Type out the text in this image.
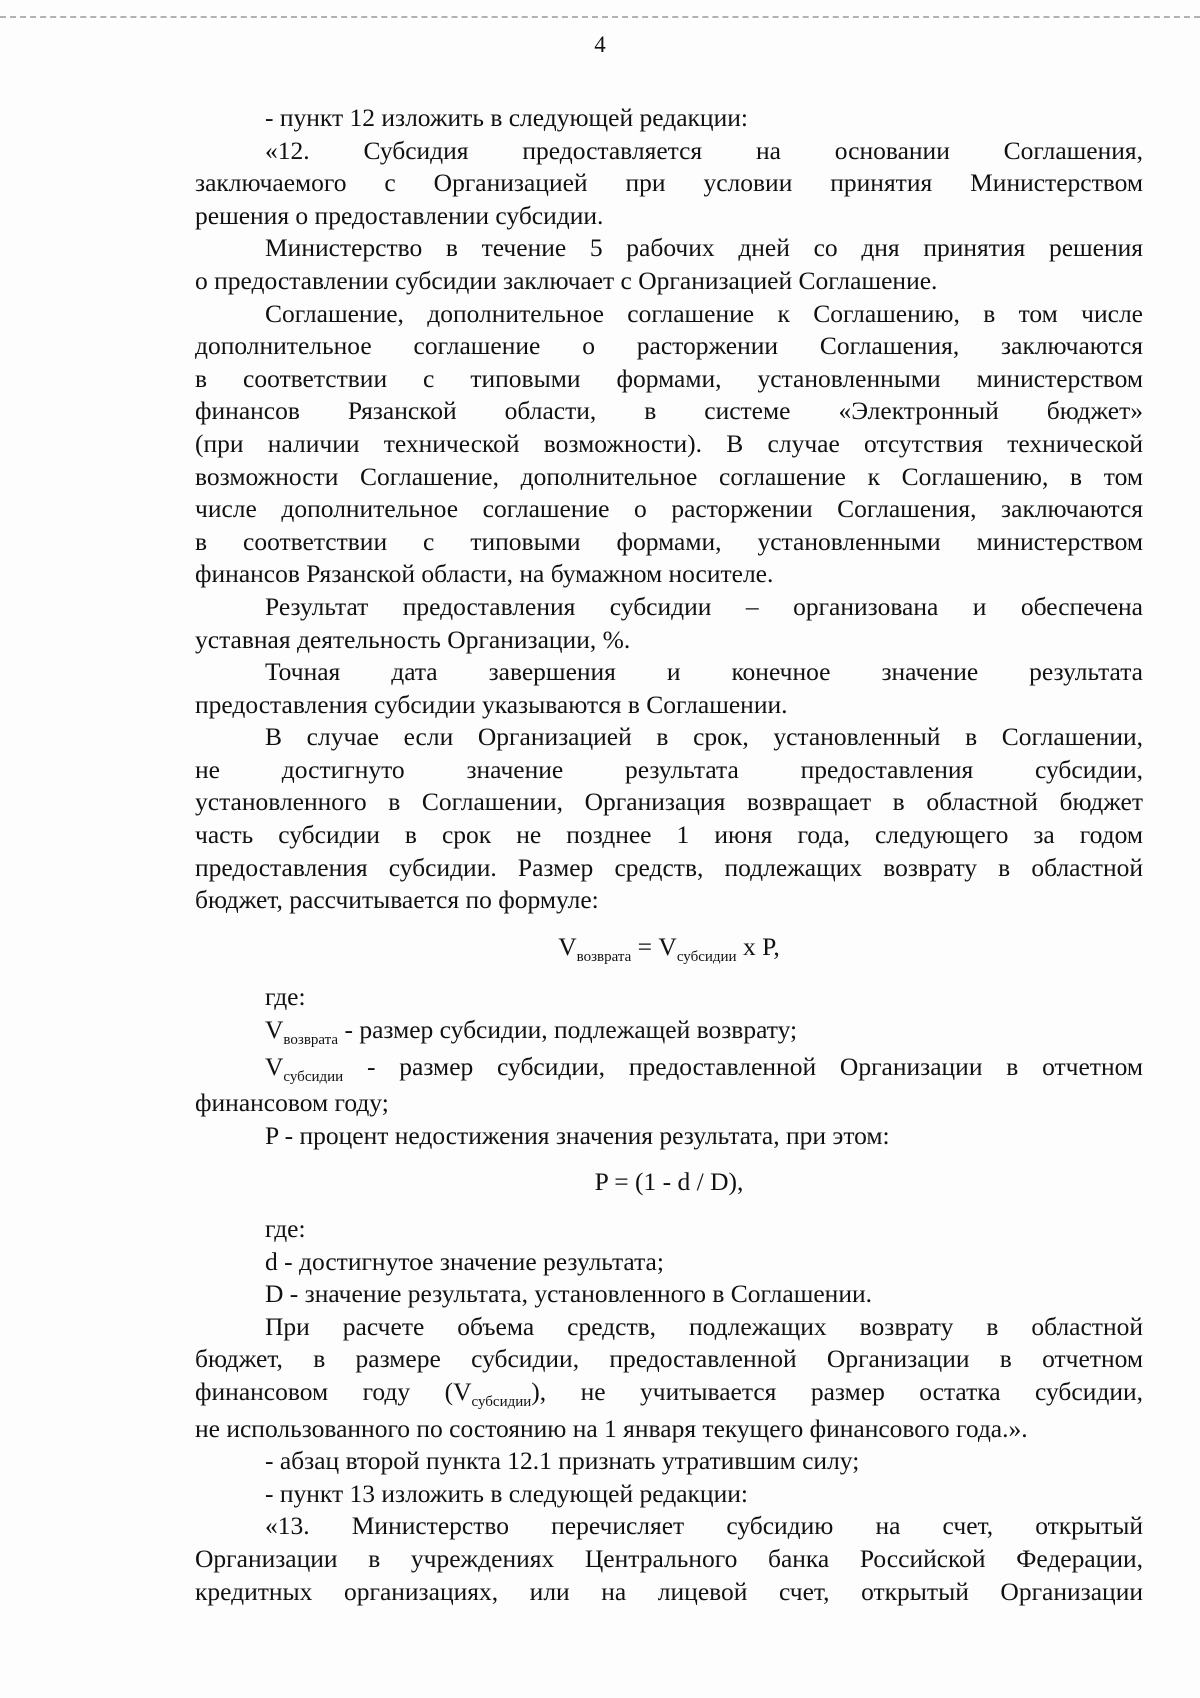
4

- пункт 12 изложить в следующей редакции:

«12. Субсидия предоставляется на основании Соглашения,

заключаемого с Организацией при условии принятия Министерством

решения о предоставлении субсидии.

Министерство в течение 5 рабочих дней со дня принятия решения

о предоставлении субсидии заключает с Организацией Соглашение.

Соглашение, дополнительное соглашение к Соглашению, в том числе

дополнительное соглашение о расторжении Соглашения, заключаются

в соответствии с типовыми формами, установленными министерством

финансов Рязанской области, в системе «Электронный бюджет»

(при наличии технической возможности). В случае отсутствия технической

возможности Соглашение, дополнительное соглашение к Соглашению, в том

числе дополнительное соглашение о расторжении Соглашения, заключаются

в соответствии с типовыми формами, установленными министерством

финансов Рязанской области, на бумажном носителе.

Результат предоставления субсидии – организована и обеспечена

уставная деятельность Организации, %.

Точная дата завершения и конечное значение результата

предоставления субсидии указываются в Соглашении.

В случае если Организацией в срок, установленный в Соглашении,

не достигнуто значение результата предоставления субсидии,

установленного в Соглашении, Организация возвращает в областной бюджет

часть субсидии в срок не позднее 1 июня года, следующего за годом

предоставления субсидии. Размер средств, подлежащих возврату в областной

бюджет, рассчитывается по формуле:

$V_{возврата} = V_{субсидии}$ x P,

где:

$V_{возврата}$ - размер субсидии, подлежащей возврату;

$V_{субсидии}$ - размер субсидии, предоставленной Организации в отчетном

финансовом году;

P - процент недостижения значения результата, при этом:

P = (1 - d / D),

где:

d - достигнутое значение результата;

D - значение результата, установленного в Соглашении.

При расчете объема средств, подлежащих возврату в областной

бюджет, в размере субсидии, предоставленной Организации в отчетном

финансовом году $(V_{субсидии})$, не учитывается размер остатка субсидии,

не использованного по состоянию на 1 января текущего финансового года.».

- абзац второй пункта 12.1 признать утратившим силу;

- пункт 13 изложить в следующей редакции:

«13. Министерство перечисляет субсидию на счет, открытый

Организации в учреждениях Центрального банка Российской Федерации,

кредитных организациях, или на лицевой счет, открытый Организации
